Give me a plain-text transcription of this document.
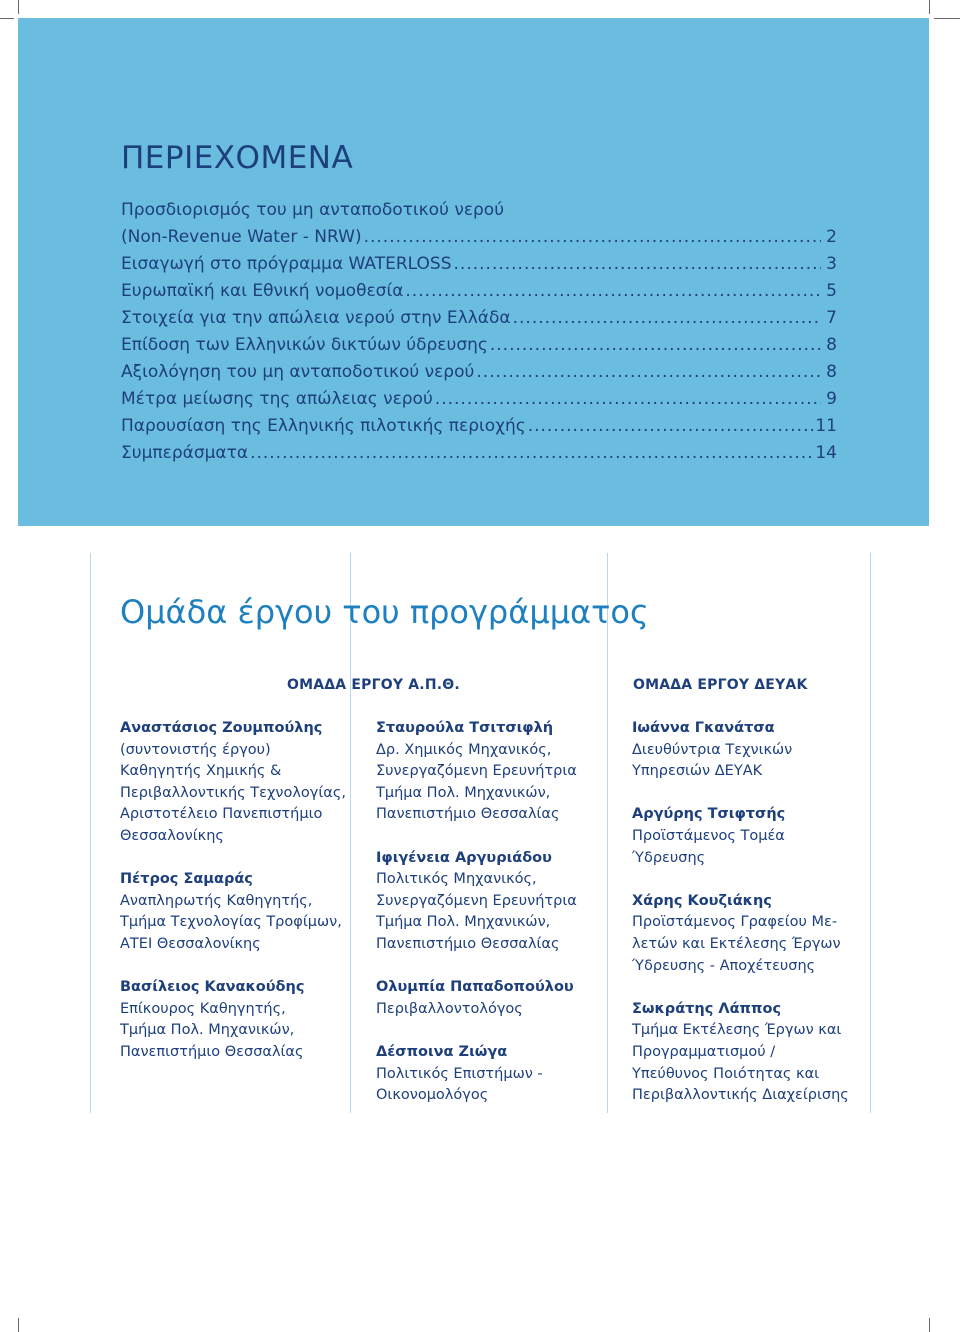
ΠΕΡΙΕΧΟΜΕΝΑ
Προσδιορισμός του μη ανταποδοτικού νερού
(Non-Revenue Water - NRW) .....	2
Εισαγωγή στο πρόγραμμα WATERLOSS .....	3
Ευρωπαϊκή και Εθνική νομοθεσία .....	5
Στοιχεία για την απώλεια νερού στην Ελλάδα .....	7
Επίδοση των Ελληνικών δικτύων ύδρευσης .....	8
Αξιολόγηση του μη ανταποδοτικού νερού .....	8
Μέτρα μείωσης της απώλειας νερού .....	9
Παρουσίαση της Ελληνικής πιλοτικής περιοχής .....	11
Συμπεράσματα .....	14
Ομάδα έργου του προγράμματος
ΟΜΑΔΑ ΕΡΓΟΥ Α.Π.Θ.	ΟΜΑΔΑ ΕΡΓΟΥ ΔΕΥΑΚ
Αναστάσιος Ζουμπούλης
(συντονιστής έργου)
Καθηγητής Χημικής &
Περιβαλλοντικής Τεχνολογίας,
Αριστοτέλειο Πανεπιστήμιο
Θεσσαλονίκης
Πέτρος Σαμαράς
Αναπληρωτής Καθηγητής,
Τμήμα Τεχνολογίας Τροφίμων,
ΑΤΕΙ Θεσσαλονίκης
Βασίλειος Κανακούδης
Επίκουρος Καθηγητής,
Τμήμα Πολ. Μηχανικών,
Πανεπιστήμιο Θεσσαλίας
Σταυρούλα Τσιτσιφλή
Δρ. Χημικός Μηχανικός,
Συνεργαζόμενη Ερευνήτρια
Τμήμα Πολ. Μηχανικών,
Πανεπιστήμιο Θεσσαλίας
Ιφιγένεια Αργυριάδου
Πολιτικός Μηχανικός,
Συνεργαζόμενη Ερευνήτρια
Τμήμα Πολ. Μηχανικών,
Πανεπιστήμιο Θεσσαλίας
Ολυμπία Παπαδοπούλου
Περιβαλλοντολόγος
Δέσποινα Ζιώγα
Πολιτικός Επιστήμων -
Οικονομολόγος
Ιωάννα Γκανάτσα
Διευθύντρια Τεχνικών
Υπηρεσιών ΔΕΥΑΚ
Αργύρης Τσιφτσής
Προϊστάμενος Τομέα
Ύδρευσης
Χάρης Κουζιάκης
Προϊστάμενος Γραφείου Με-
λετών και Εκτέλεσης Έργων
Ύδρευσης - Αποχέτευσης
Σωκράτης Λάππος
Τμήμα Εκτέλεσης Έργων και
Προγραμματισμού /
Υπεύθυνος Ποιότητας και
Περιβαλλοντικής Διαχείρισης
